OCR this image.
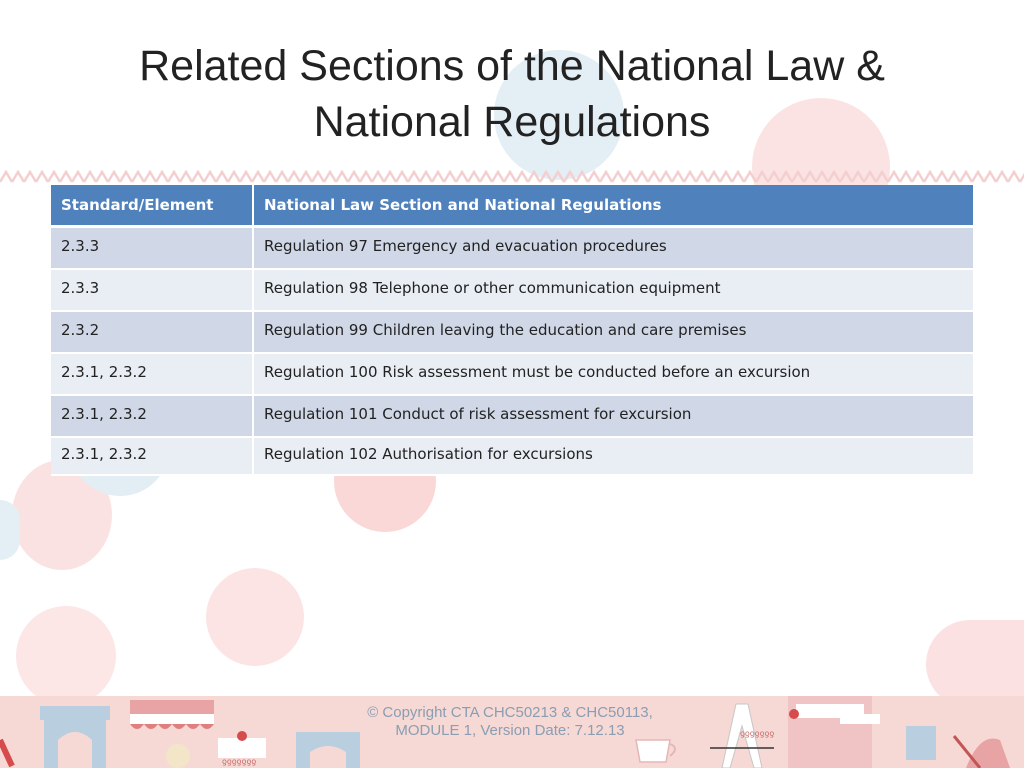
Related Sections of the National Law & National Regulations
Standard/Element	National Law Section and National Regulations
2.3.3	Regulation 97 Emergency and evacuation procedures
2.3.3	Regulation 98 Telephone or other communication equipment
2.3.2	Regulation 99 Children leaving the education and care premises
2.3.1, 2.3.2	Regulation 100 Risk assessment must be conducted before an excursion
2.3.1, 2.3.2	Regulation 101 Conduct of risk assessment for excursion
2.3.1, 2.3.2	Regulation 102 Authorisation for excursions
ƍƍƍƍƍƍƍ
ƍƍƍƍƍƍƍ
© Copyright CTA CHC50213 & CHC50113, MODULE 1, Version Date: 7.12.13
